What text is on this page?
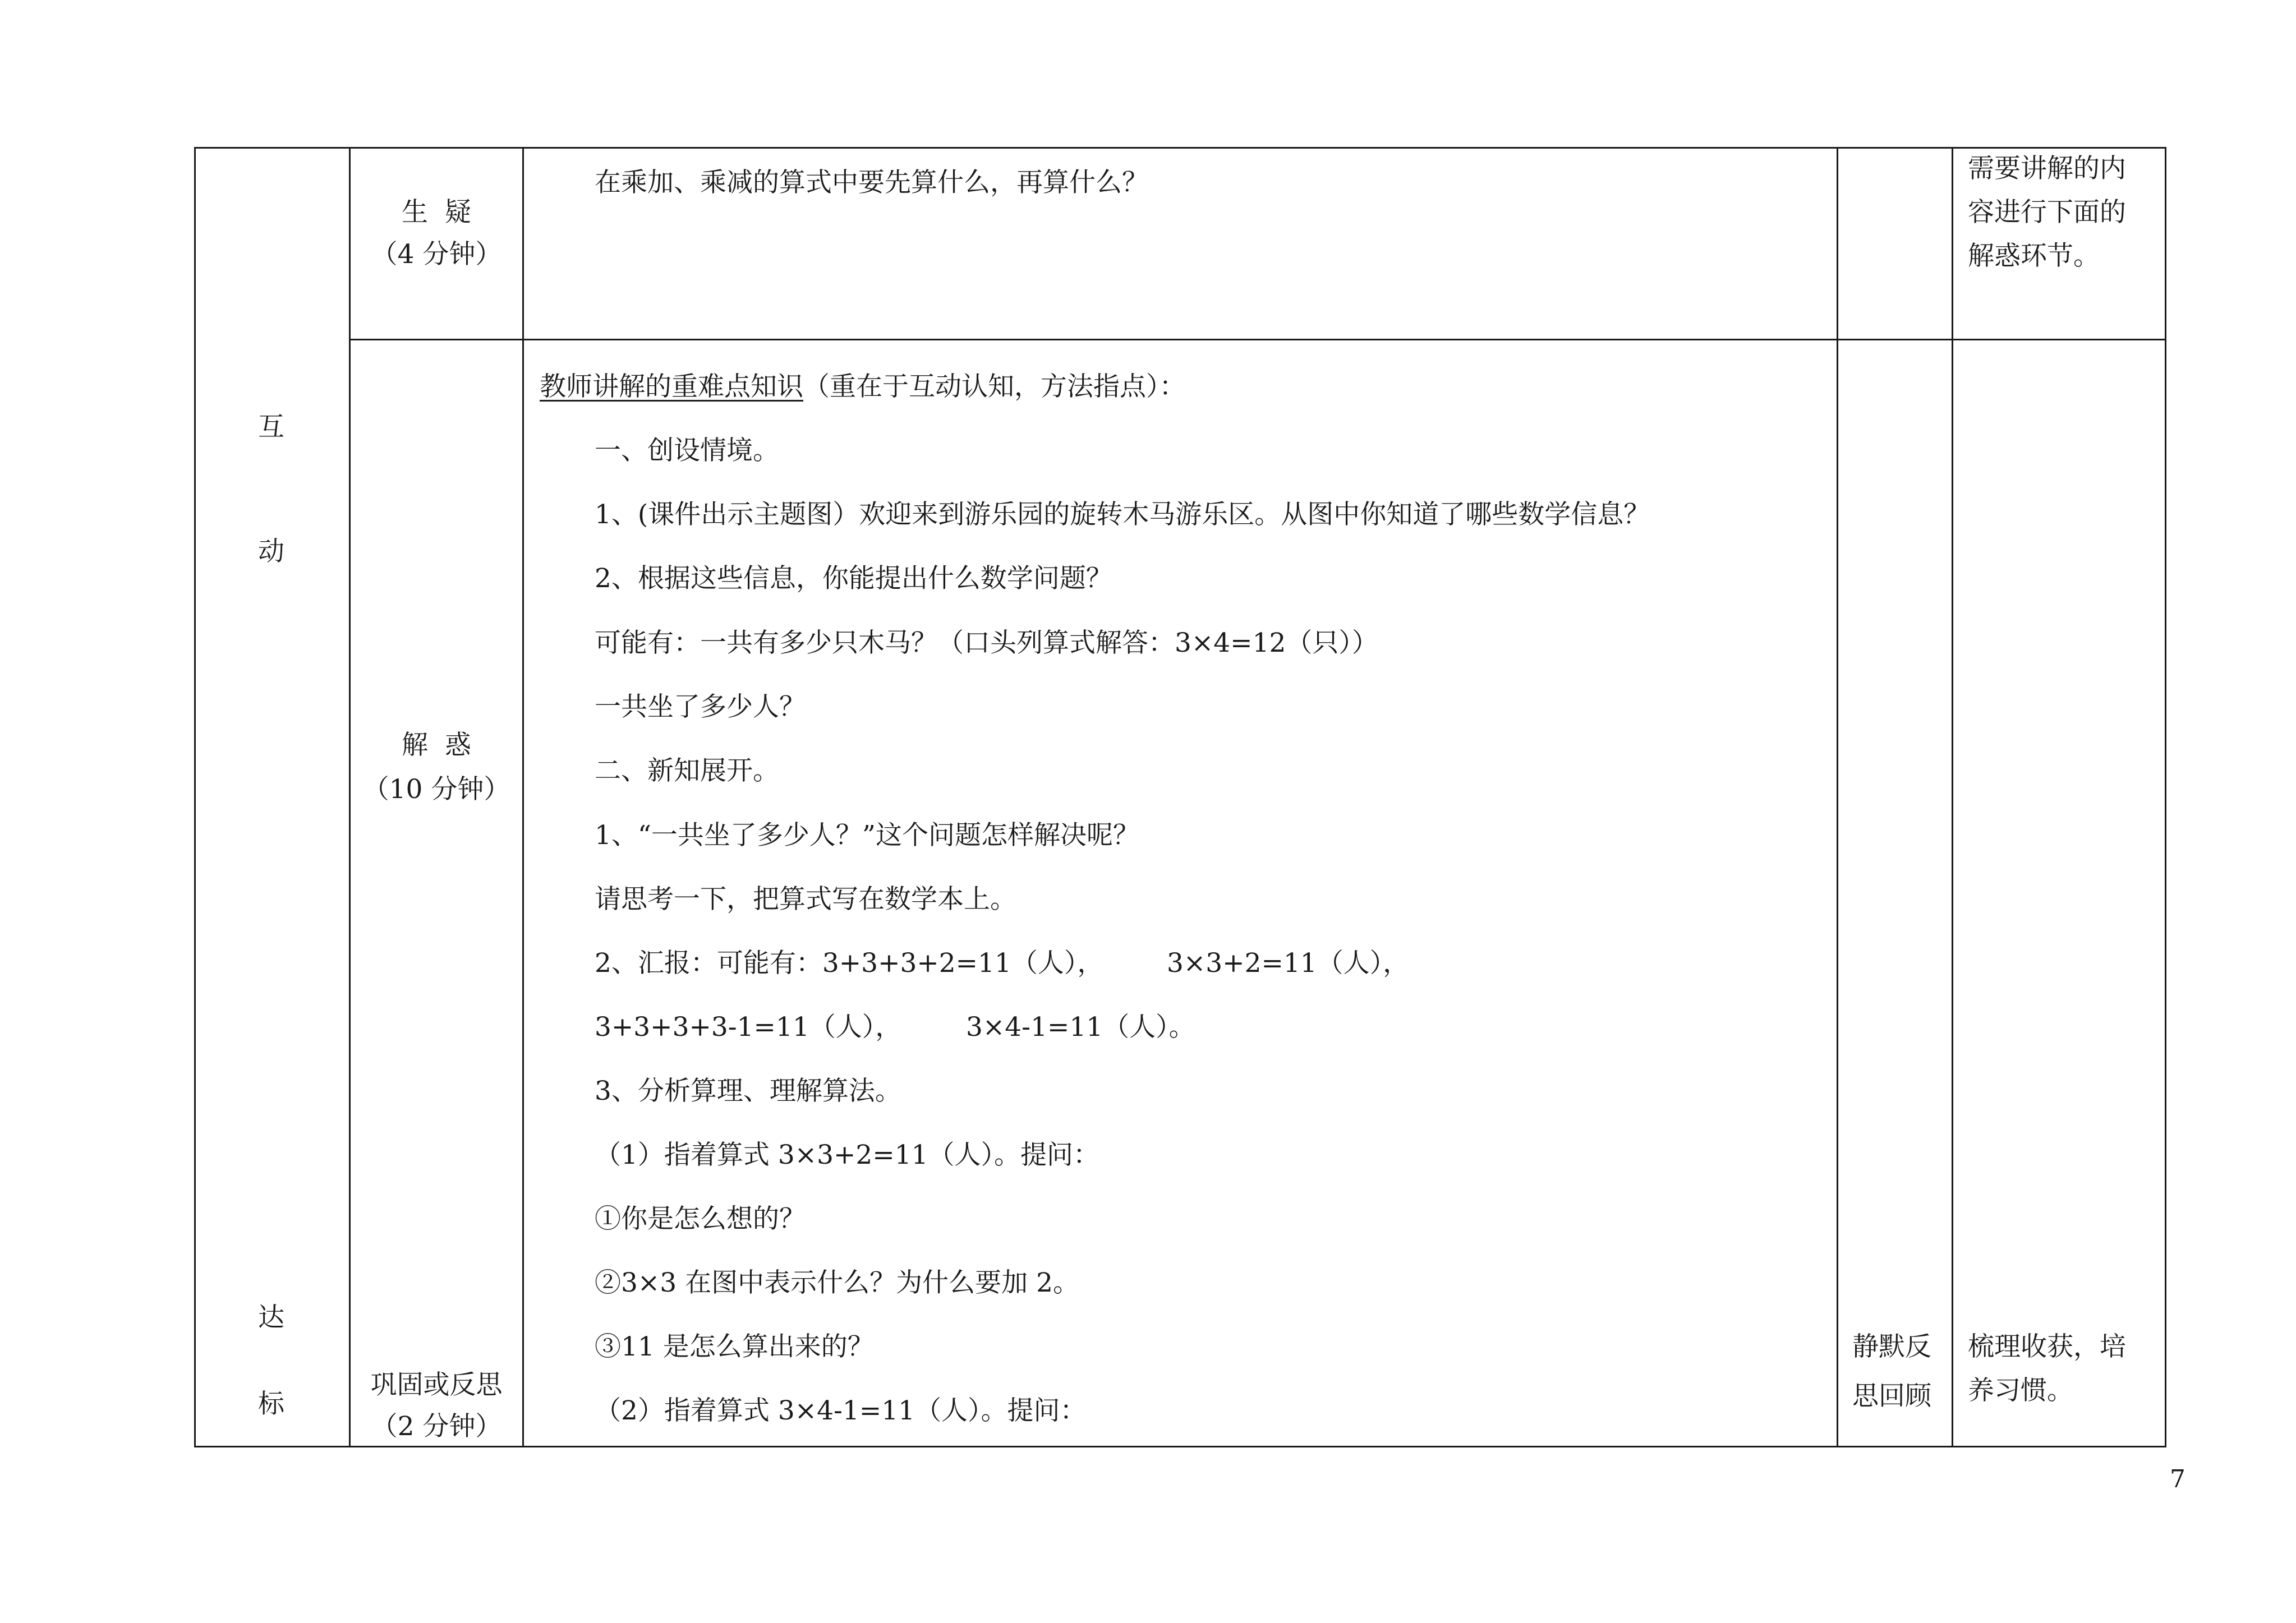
互
动
达
标
生  疑
（4 分钟）
在乘加、乘减的算式中要先算什么，再算什么？	需要讲解的内
容进行下面的
解惑环节。
解  惑
（10 分钟）
教师讲解的重难点知识（重在于互动认知，方法指点）：
一、创设情境。
1、(课件出示主题图）欢迎来到游乐园的旋转木马游乐区。从图中你知道了哪些数学信息？
2、根据这些信息，你能提出什么数学问题？
可能有：一共有多少只木马？（口头列算式解答：3×4=12（只））
一共坐了多少人？
二、新知展开。
1、“一共坐了多少人？”这个问题怎样解决呢？
请思考一下，把算式写在数学本上。
2、汇报：可能有：3+3+3+2=11（人）， 3×3+2=11（人），
3+3+3+3-1=11（人）， 3×4-1=11（人）。
3、分析算理、理解算法。
（1）指着算式 3×3+2=11（人）。提问：
①你是怎么想的？
②3×3 在图中表示什么？为什么要加 2。
③11 是怎么算出来的？
（2）指着算式 3×4-1=11（人）。提问：
巩固或反思
（2 分钟）
静默反
思回顾
梳理收获，培
养习惯。
7
